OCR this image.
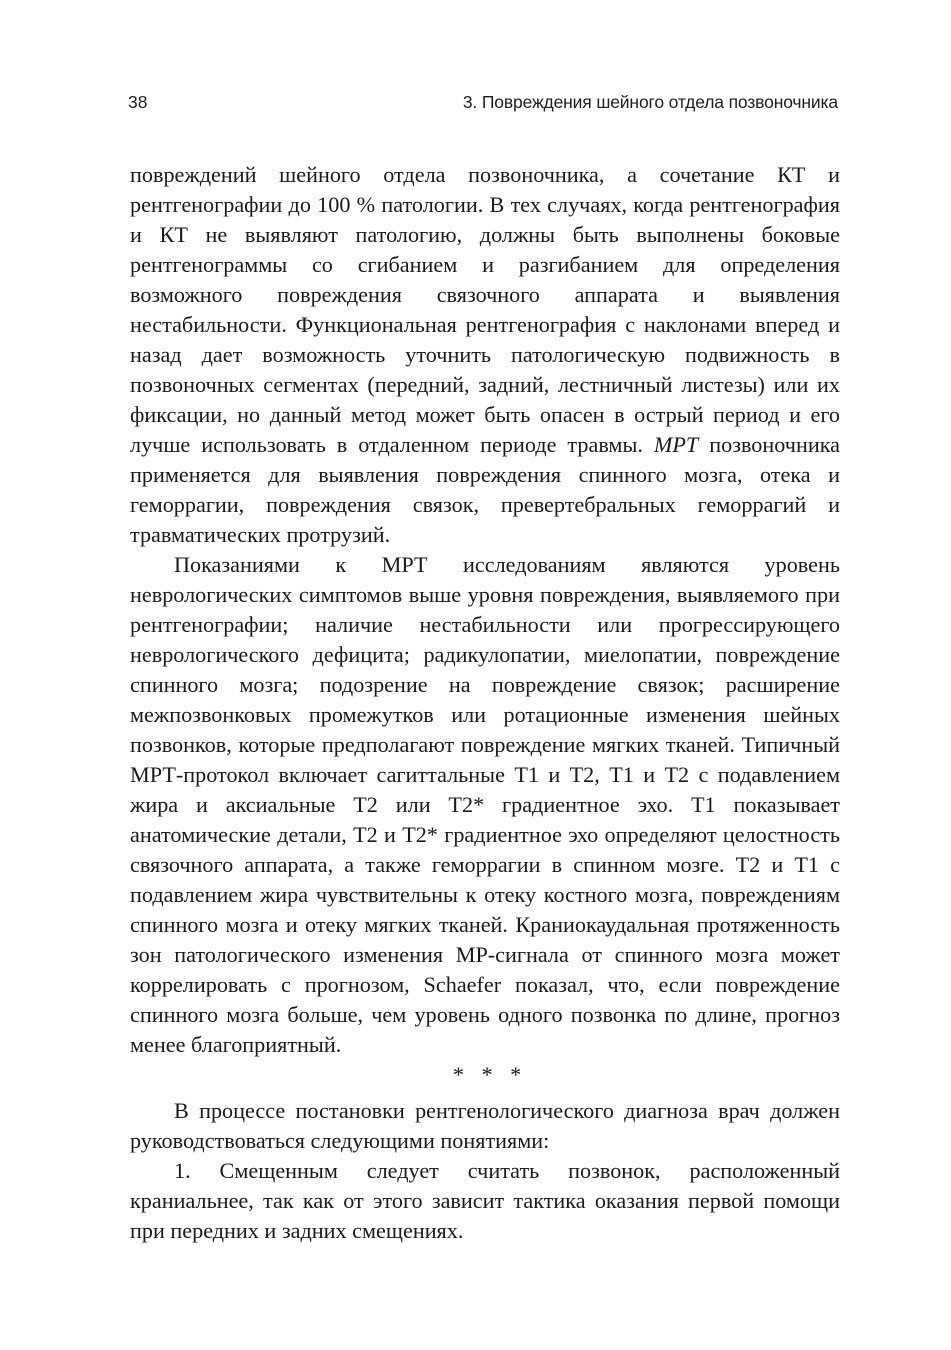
38	3. Повреждения шейного отдела позвоночника

повреждений шейного отдела позвоночника, а сочетание КТ и рентгенографии до 100 % патологии. В тех случаях, когда рентгенография и КТ не выявляют патологию, должны быть выполнены боковые рентгенограммы со сгибанием и разгибанием для определения возможного повреждения связочного аппарата и выявления нестабильности. Функциональная рентгенография с наклонами вперед и назад дает возможность уточнить патологическую подвижность в позвоночных сегментах (передний, задний, лестничный листезы) или их фиксации, но данный метод может быть опасен в острый период и его лучше использовать в отдаленном периоде травмы. МРТ позвоночника применяется для выявления повреждения спинного мозга, отека и геморрагии, повреждения связок, превертебральных геморрагий и травматических протрузий.

Показаниями к МРТ исследованиям являются уровень неврологических симптомов выше уровня повреждения, выявляемого при рентгенографии; наличие нестабильности или прогрессирующего неврологического дефицита; радикулопатии, миелопатии, повреждение спинного мозга; подозрение на повреждение связок; расширение межпозвонковых промежутков или ротационные изменения шейных позвонков, которые предполагают повреждение мягких тканей. Типичный МРТ-протокол включает сагиттальные Т1 и Т2, Т1 и Т2 с подавлением жира и аксиальные Т2 или Т2* градиентное эхо. Т1 показывает анатомические детали, Т2 и Т2* градиентное эхо определяют целостность связочного аппарата, а также геморрагии в спинном мозге. Т2 и Т1 с подавлением жира чувствительны к отеку костного мозга, повреждениям спинного мозга и отеку мягких тканей. Краниокаудальная протяженность зон патологического изменения МР-сигнала от спинного мозга может коррелировать с прогнозом, Schaefer показал, что, если повреждение спинного мозга больше, чем уровень одного позвонка по длине, прогноз менее благоприятный.

* * *

В процессе постановки рентгенологического диагноза врач должен руководствоваться следующими понятиями:

1. Смещенным следует считать позвонок, расположенный краниальнее, так как от этого зависит тактика оказания первой помощи при передних и задних смещениях.
